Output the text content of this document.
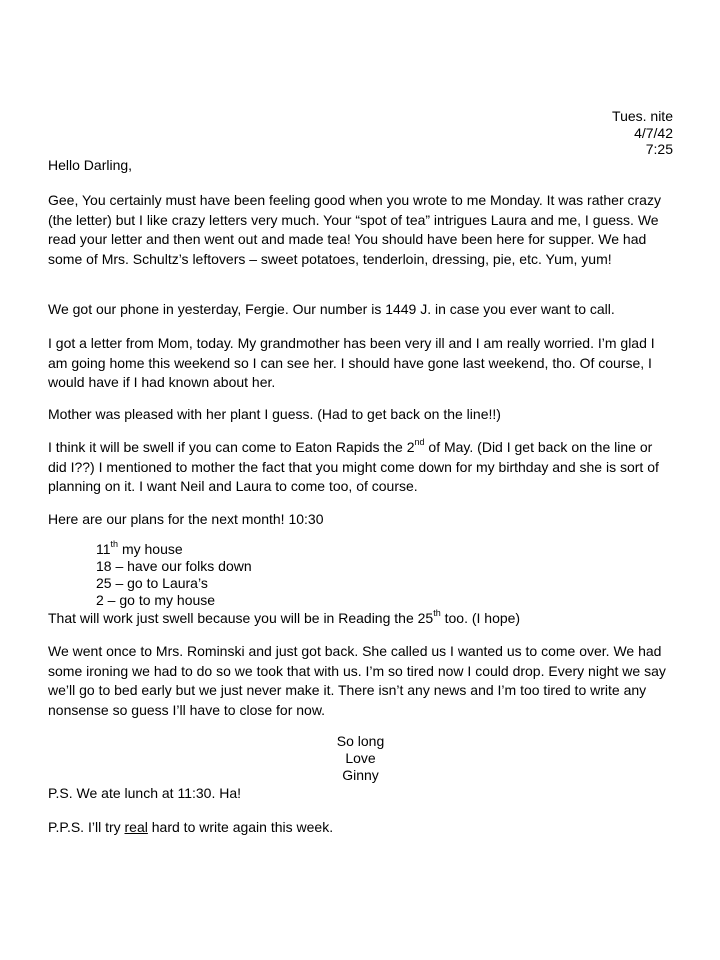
Tues. nite
4/7/42
7:25

Hello Darling,

Gee, You certainly must have been feeling good when you wrote to me Monday. It was rather crazy (the letter) but I like crazy letters very much. Your “spot of tea” intrigues Laura and me, I guess. We read your letter and then went out and made tea! You should have been here for supper. We had some of Mrs. Schultz’s leftovers – sweet potatoes, tenderloin, dressing, pie, etc. Yum, yum!

We got our phone in yesterday, Fergie. Our number is 1449 J. in case you ever want to call.

I got a letter from Mom, today. My grandmother has been very ill and I am really worried. I’m glad I am going home this weekend so I can see her. I should have gone last weekend, tho. Of course, I would have if I had known about her.

Mother was pleased with her plant I guess. (Had to get back on the line!!)

I think it will be swell if you can come to Eaton Rapids the 2nd of May. (Did I get back on the line or did I??) I mentioned to mother the fact that you might come down for my birthday and she is sort of planning on it. I want Neil and Laura to come too, of course.

Here are our plans for the next month! 10:30

11th my house
18 – have our folks down
25 – go to Laura’s
2 – go to my house

That will work just swell because you will be in Reading the 25th too. (I hope)

We went once to Mrs. Rominski and just got back. She called us I wanted us to come over. We had some ironing we had to do so we took that with us. I’m so tired now I could drop. Every night we say we’ll go to bed early but we just never make it. There isn’t any news and I’m too tired to write any nonsense so guess I’ll have to close for now.

So long
Love
Ginny

P.S. We ate lunch at 11:30. Ha!

P.P.S. I’ll try real hard to write again this week.
